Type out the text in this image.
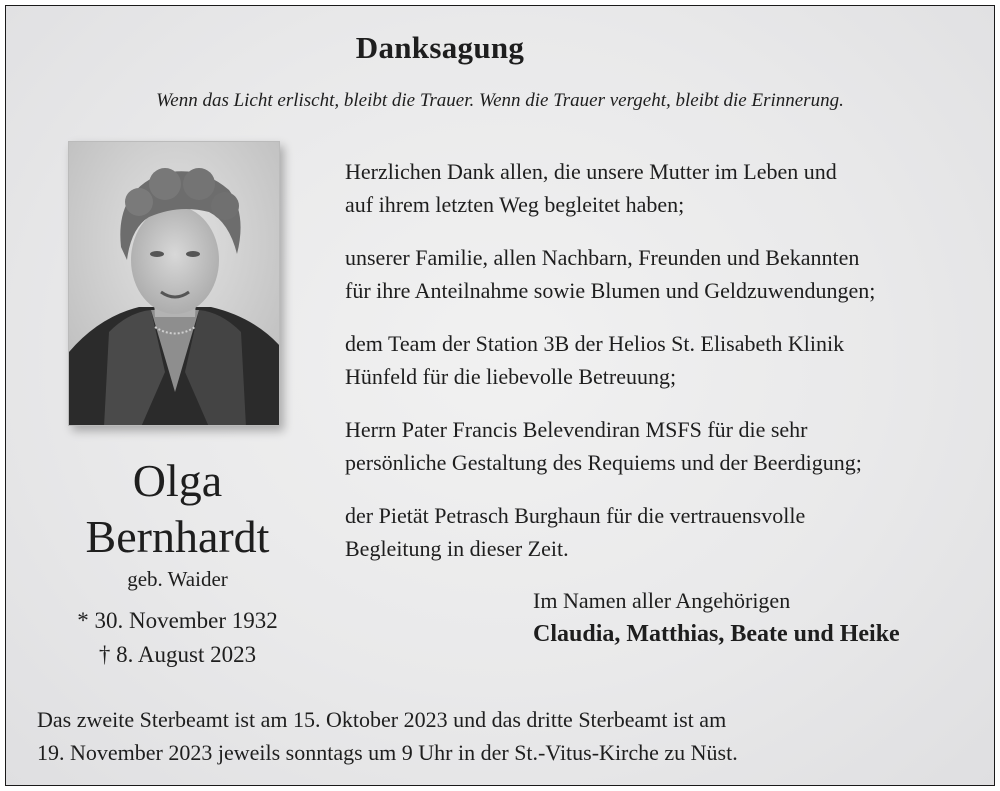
Danksagung
Wenn das Licht erlischt, bleibt die Trauer. Wenn die Trauer vergeht, bleibt die Erinnerung.
Olga
Bernhardt
geb. Waider
* 30. November 1932
† 8. August 2023
Herzlichen Dank allen, die unsere Mutter im Leben und
auf ihrem letzten Weg begleitet haben;
unserer Familie, allen Nachbarn, Freunden und Bekannten
für ihre Anteilnahme sowie Blumen und Geldzuwendungen;
dem Team der Station 3B der Helios St. Elisabeth Klinik
Hünfeld für die liebevolle Betreuung;
Herrn Pater Francis Belevendiran MSFS für die sehr
persönliche Gestaltung des Requiems und der Beerdigung;
der Pietät Petrasch Burghaun für die vertrauensvolle
Begleitung in dieser Zeit.
Im Namen aller Angehörigen
Claudia, Matthias, Beate und Heike
Das zweite Sterbeamt ist am 15. Oktober 2023 und das dritte Sterbeamt ist am
19. November 2023 jeweils sonntags um 9 Uhr in der St.-Vitus-Kirche zu Nüst.
